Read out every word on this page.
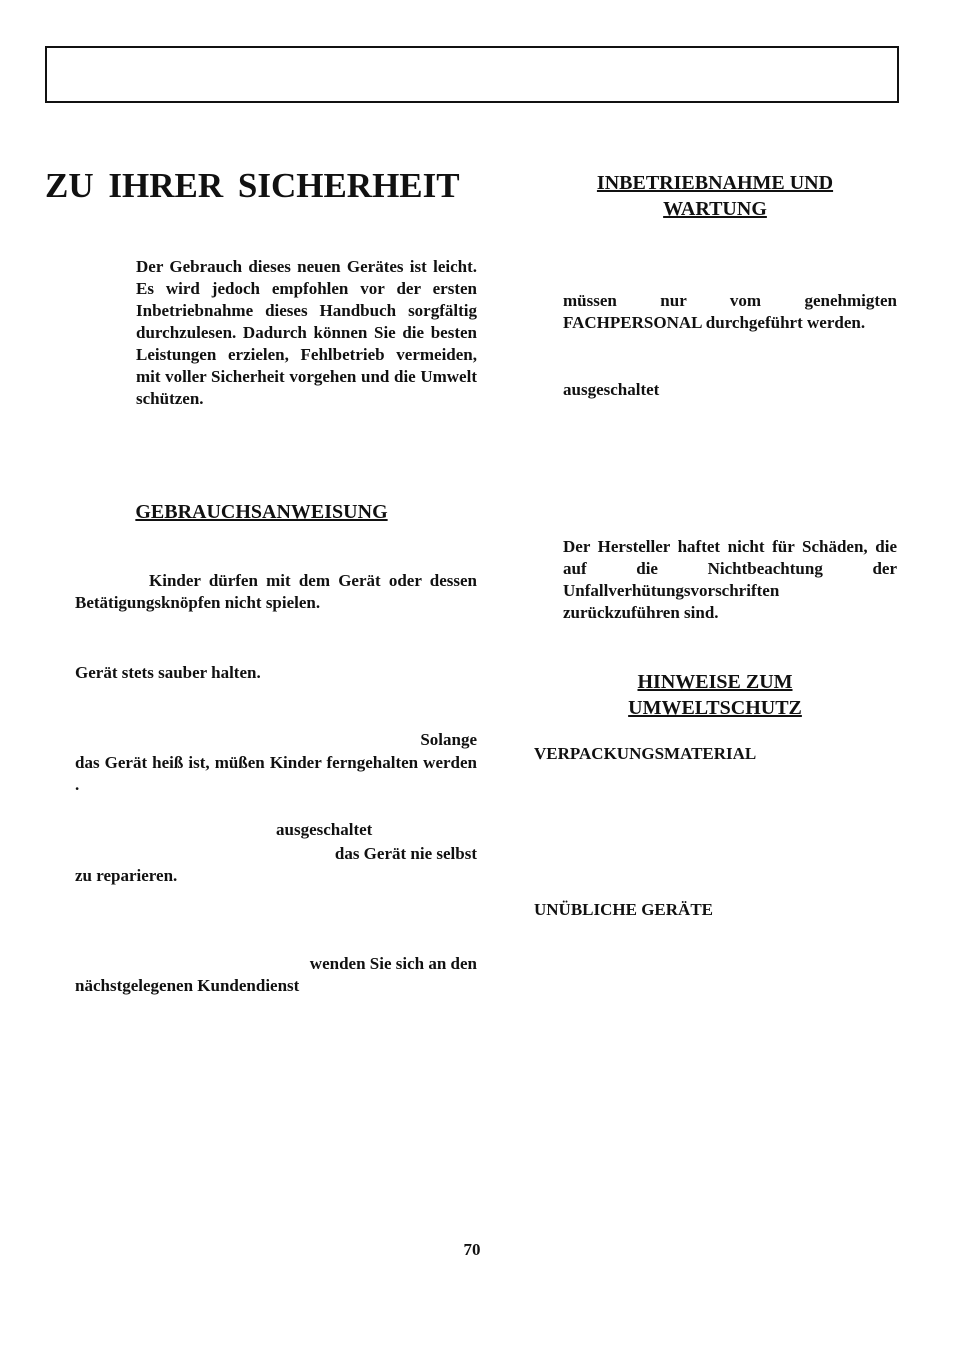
ZU IHRER SICHERHEIT

Der Gebrauch dieses neuen Gerätes ist leicht. Es wird jedoch empfohlen vor der ersten Inbetriebnahme dieses Handbuch sorgfältig durchzulesen. Dadurch können Sie die besten Leistungen erzielen, Fehlbetrieb vermeiden, mit voller Sicherheit vorgehen und die Umwelt schützen.

GEBRAUCHSANWEISUNG

Kinder dürfen mit dem Gerät oder dessen Betätigungsknöpfen nicht spielen.

Gerät stets sauber halten.
Solange

das Gerät heiß ist, müßen Kinder ferngehalten werden .

ausgeschaltet
das Gerät nie selbst
zu reparieren.
wenden Sie sich an den
nächstgelegenen Kundendienst
INBETRIEBNAHME UND
WARTUNG

müssen nur vom genehmigten FACHPERSONAL durchgeführt werden.

ausgeschaltet

Der Hersteller haftet nicht für Schäden, die auf die Nichtbeachtung der Unfallverhütungsvorschriften zurückzuführen sind.

HINWEISE ZUM
UMWELTSCHUTZ
VERPACKUNGSMATERIAL
UNÜBLICHE GERÄTE
70
